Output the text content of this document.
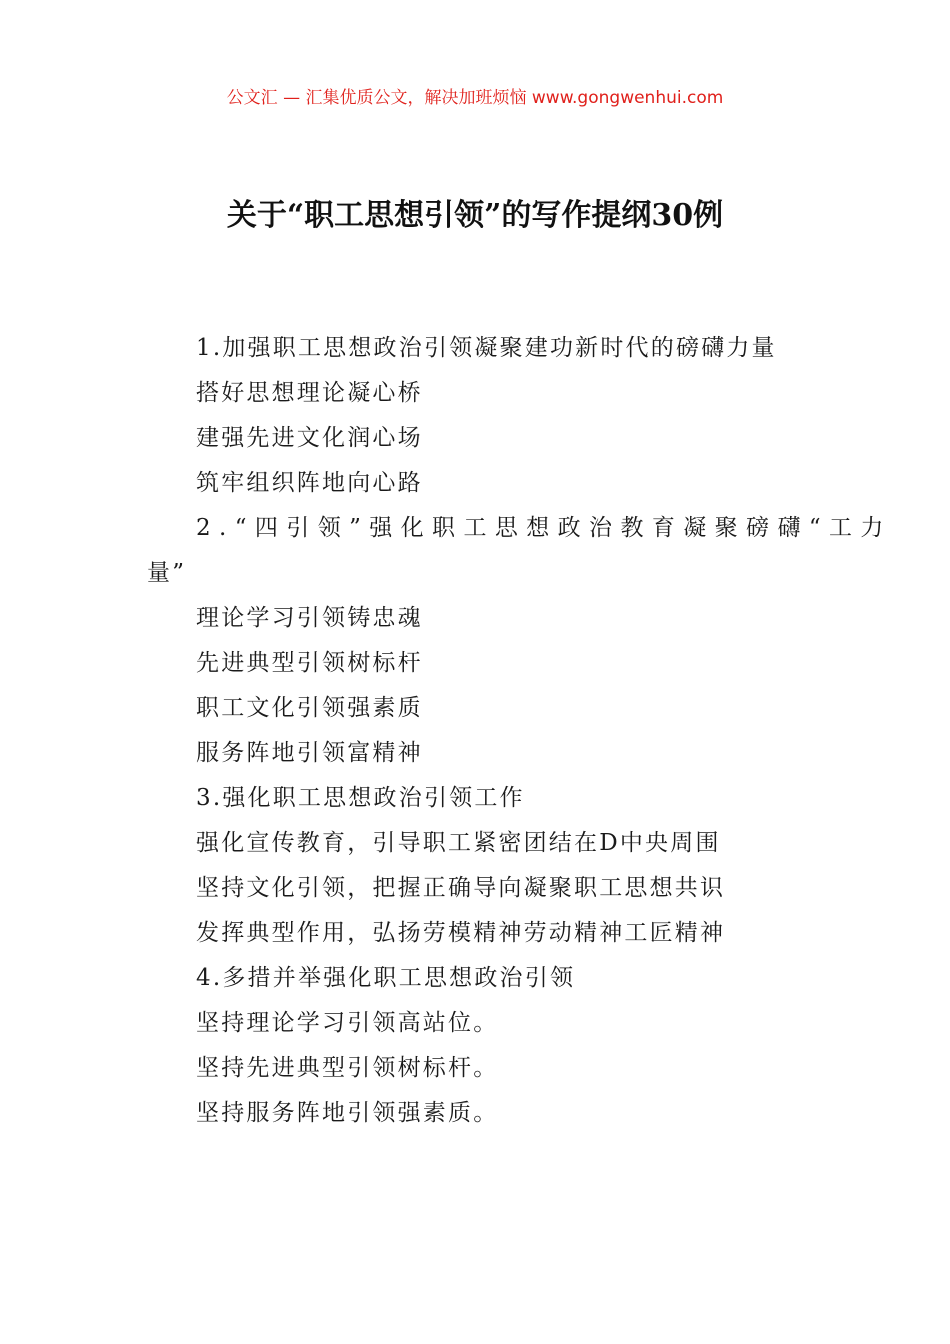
公文汇 — 汇集优质公文，解决加班烦恼 www.gongwenhui.com
关于“职工思想引领”的写作提纲30例
1.加强职工思想政治引领凝聚建功新时代的磅礴力量
搭好思想理论凝心桥
建强先进文化润心场
筑牢组织阵地向心路
2.“四引领”强化职工思想政治教育凝聚磅礴“工力
量”
理论学习引领铸忠魂
先进典型引领树标杆
职工文化引领强素质
服务阵地引领富精神
3.强化职工思想政治引领工作
强化宣传教育，引导职工紧密团结在D中央周围
坚持文化引领，把握正确导向凝聚职工思想共识
发挥典型作用，弘扬劳模精神劳动精神工匠精神
4.多措并举强化职工思想政治引领
坚持理论学习引领高站位。
坚持先进典型引领树标杆。
坚持服务阵地引领强素质。
